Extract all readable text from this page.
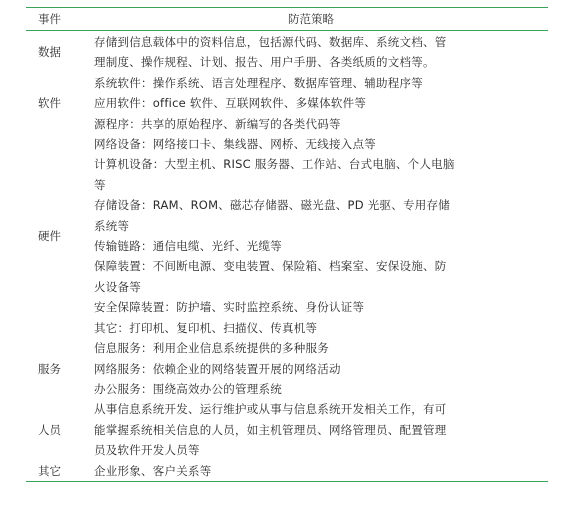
事件	防范策略
数据
存储到信息载体中的资料信息，包括源代码、数据库、系统文档、管
理制度、操作规程、计划、报告、用户手册、各类纸质的文档等。
软件
系统软件：操作系统、语言处理程序、数据库管理、辅助程序等
应用软件：office 软件、互联网软件、多媒体软件等
源程序：共享的原始程序、新编写的各类代码等
硬件
网络设备：网络接口卡、集线器、网桥、无线接入点等
计算机设备：大型主机、RISC 服务器、工作站、台式电脑、个人电脑
等
存储设备：RAM、ROM、磁芯存储器、磁光盘、PD 光驱、专用存储
系统等
传输链路：通信电缆、光纤、光缆等
保障装置：不间断电源、变电装置、保险箱、档案室、安保设施、防
火设备等
安全保障装置：防护墙、实时监控系统、身份认证等
其它：打印机、复印机、扫描仪、传真机等
服务
信息服务：利用企业信息系统提供的多种服务
网络服务：依赖企业的网络装置开展的网络活动
办公服务：围绕高效办公的管理系统
人员
从事信息系统开发、运行维护或从事与信息系统开发相关工作，有可
能掌握系统相关信息的人员，如主机管理员、网络管理员、配置管理
员及软件开发人员等
其它	企业形象、客户关系等
